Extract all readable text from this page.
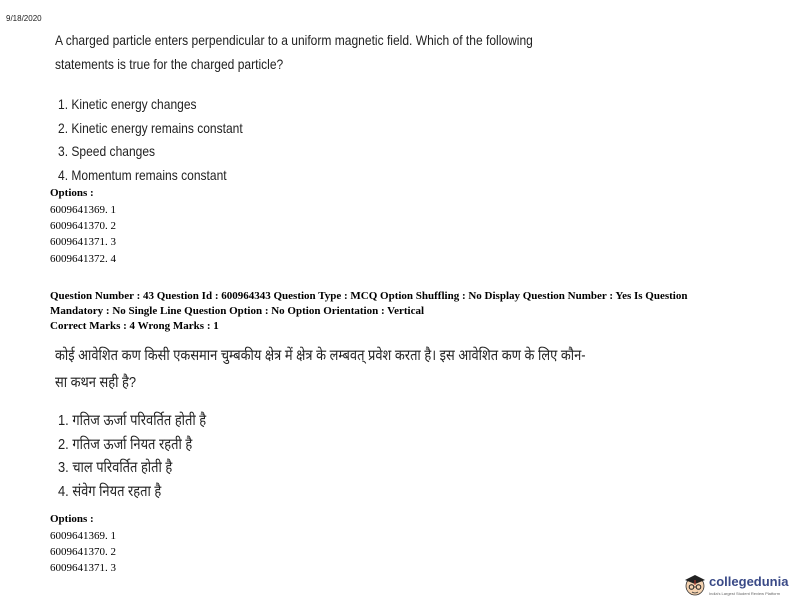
9/18/2020
A charged particle enters perpendicular to a uniform magnetic field. Which of the following
statements is true for the charged particle?
1. Kinetic energy changes
2. Kinetic energy remains constant
3. Speed changes
4. Momentum remains constant
Options :
6009641369. 1
6009641370. 2
6009641371. 3
6009641372. 4
Question Number : 43 Question Id : 600964343 Question Type : MCQ Option Shuffling : No Display Question Number : Yes Is Question
Mandatory : No Single Line Question Option : No Option Orientation : Vertical
Correct Marks : 4 Wrong Marks : 1
कोई आवेशित कण किसी एकसमान चुम्बकीय क्षेत्र में क्षेत्र के लम्बवत् प्रवेश करता है। इस आवेशित कण के लिए कौन-
सा कथन सही है?
1. गतिज ऊर्जा परिवर्तित होती है
2. गतिज ऊर्जा नियत रहती है
3. चाल परिवर्तित होती है
4. संवेग नियत रहता है
Options :
6009641369. 1
6009641370. 2
6009641371. 3
collegedunia
India's Largest Student Review Platform
